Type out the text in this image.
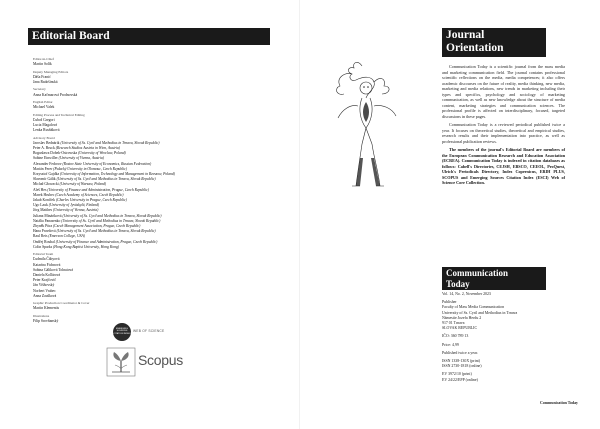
Editorial Board
Editor-in-Chief
Martin Solík
Deputy Managing Editors
Dáša Franić
Jana Radošinská
Secretary
Anna Kačmarová Prodnovská
English Editor
Michael Valek
Editing Process and Technical Editing
Ľuboš Gregori
Lucia Magalová
Lenka Rusňáková
Advisory Board
Jaroslav Bednárik (University of Ss. Cyril and Methodius in Trnava, Slovak Republic)
Peter A. Bruck (Research Studios Austria in Wien, Austria)
Bogusława Dobek-Ostrowska (University of Wroclaw, Poland)
Sabine Einwiller (University of Vienna, Austria)
Alexander Fedorov (Rostov State University of Economics, Russian Federation)
Marián Ferer (Palacký University in Olomouc, Czech Republic)
Krzysztof Gajdka (University of Information, Technology and Management in Rzeszow, Poland)
Slavomír Gálik (University of Ss. Cyril and Methodius in Trnava, Slovak Republic)
Michał Głowacki (University of Warsaw, Poland)
Aleš Hes (University of Finance and Administration, Prague, Czech Republic)
Marek Hrubec (Czech Academy of Sciences, Czech Republic)
Jakub Koníček (Charles University in Prague, Czech Republic)
Ugo Lauk (University of Jyväskylä, Finland)
Jörg Matthes (University of Vienna, Austria)
Juliana Mináriková (University of Ss. Cyril and Methodius in Trnava, Slovak Republic)
Natália Panasenko (University of Ss. Cyril and Methodius in Trnava, Slovak Republic)
Zbyněk Pitra (Czech Management Association, Prague, Czech Republic)
Hana Pravdová (University of Ss. Cyril and Methodius in Trnava, Slovak Republic)
Raul Reis (Emerson College, USA)
Ondřej Roubal (University of Finance and Administration, Prague, Czech Republic)
Colin Sparks (Hong Kong Baptist University, Hong Kong)
Editorial Team
Ľudmila Čábyová
Katarína Fichnová
Sabina Gáliková Tolnaiová
Daniela Kollárová
Peter Krajčovič
Ján Višňovský
Norbert Vrabec
Anna Zaušková
Graphic Production Coordinator & Cover
Martin Klementis
Illustrations
Filip Srovňanský
Journal
Orientation

Communication Today is a scientific journal from the mass media and marketing communication field. The journal contains professional scientific reflections on the media, media competences; it also offers academic discourses on the future of reality, media thinking, new media, marketing and media relations, new trends in marketing including their types and specifics, psychology and sociology of marketing communication, as well as new knowledge about the structure of media content, marketing strategies and communication sciences. The professional profile is affected on interdisciplinary, focused, targeted discussions in these pages.

Communication Today is a reviewed periodical published twice a year. It focuses on theoretical studies, theoretical and empirical studies, research results and their implementation into practice, as well as professional publication reviews.

The members of the journal's Editorial Board are members of the European Communication Research and Education Association (ECREA). Communication Today is indexed in citation databases as follows: Cabell's Directories, CEJSH, EBSCO, CEEOL, ProQuest, Ulrich's Periodicals Directory, Index Copernicus, ERIH PLUS, SCOPUS and Emerging Sources Citation Index (ESCI) Web of Science Core Collection.

Communication
Today
Vol. 14, No. 2, November 2023
Publisher
Faculty of Mass Media Communication
University of Ss. Cyril and Methodius in Trnava
Námestie Jozefa Herdu 2
917 01 Trnava
SLOVAK REPUBLIC
IČO: 360 789 13
Price: 4,99
Published twice a year.
ISSN 1338-130X (print)
ISSN 2730-1818 (online)
EV 3972/10 (print)
EV 24/22/EPP (online)
Communication Today
EMERGING SOURCES CITATION INDEX
WEB OF SCIENCE
Scopus
